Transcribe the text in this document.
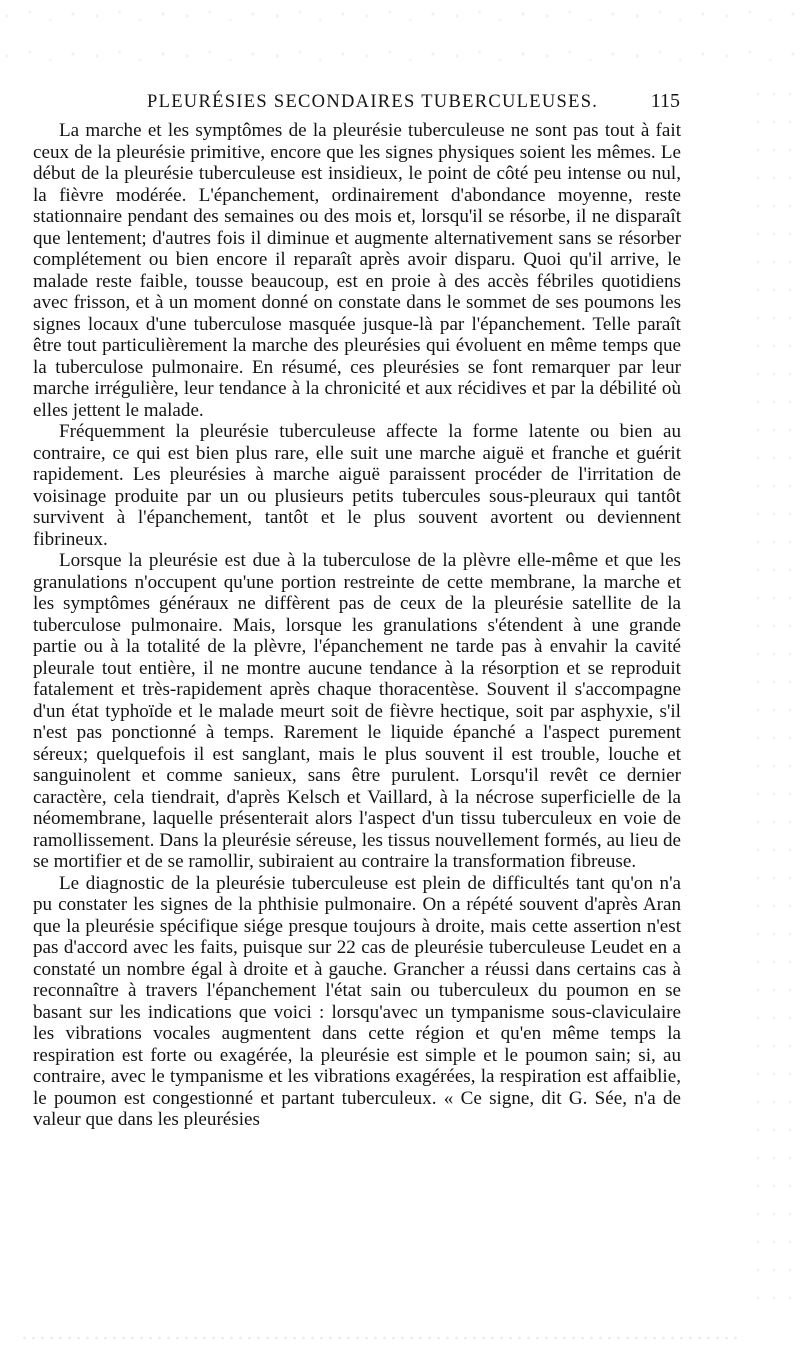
PLEURÉSIES SECONDAIRES TUBERCULEUSES.	115

La marche et les symptômes de la pleurésie tuberculeuse ne sont pas tout à fait ceux de la pleurésie primitive, encore que les signes physiques soient les mêmes. Le début de la pleurésie tuberculeuse est insidieux, le point de côté peu intense ou nul, la fièvre modérée. L'épanchement, ordinairement d'abondance moyenne, reste stationnaire pendant des semaines ou des mois et, lorsqu'il se résorbe, il ne disparaît que lentement; d'autres fois il diminue et augmente alternativement sans se résorber complétement ou bien encore il reparaît après avoir disparu. Quoi qu'il arrive, le malade reste faible, tousse beaucoup, est en proie à des accès fébriles quotidiens avec frisson, et à un moment donné on constate dans le sommet de ses poumons les signes locaux d'une tuberculose masquée jusque-là par l'épanchement. Telle paraît être tout particulièrement la marche des pleurésies qui évoluent en même temps que la tuberculose pulmonaire. En résumé, ces pleurésies se font remarquer par leur marche irrégulière, leur tendance à la chronicité et aux récidives et par la débilité où elles jettent le malade.

Fréquemment la pleurésie tuberculeuse affecte la forme latente ou bien au contraire, ce qui est bien plus rare, elle suit une marche aiguë et franche et guérit rapidement. Les pleurésies à marche aiguë paraissent procéder de l'irritation de voisinage produite par un ou plusieurs petits tubercules sous-pleuraux qui tantôt survivent à l'épanchement, tantôt et le plus souvent avortent ou deviennent fibrineux.

Lorsque la pleurésie est due à la tuberculose de la plèvre elle-même et que les granulations n'occupent qu'une portion restreinte de cette membrane, la marche et les symptômes généraux ne diffèrent pas de ceux de la pleurésie satellite de la tuberculose pulmonaire. Mais, lorsque les granulations s'étendent à une grande partie ou à la totalité de la plèvre, l'épanchement ne tarde pas à envahir la cavité pleurale tout entière, il ne montre aucune tendance à la résorption et se reproduit fatalement et très-rapidement après chaque thoracentèse. Souvent il s'accompagne d'un état typhoïde et le malade meurt soit de fièvre hectique, soit par asphyxie, s'il n'est pas ponctionné à temps. Rarement le liquide épanché a l'aspect purement séreux; quelquefois il est sanglant, mais le plus souvent il est trouble, louche et sanguinolent et comme sanieux, sans être purulent. Lorsqu'il revêt ce dernier caractère, cela tiendrait, d'après Kelsch et Vaillard, à la nécrose superficielle de la néomembrane, laquelle présenterait alors l'aspect d'un tissu tuberculeux en voie de ramollissement. Dans la pleurésie séreuse, les tissus nouvellement formés, au lieu de se mortifier et de se ramollir, subiraient au contraire la transformation fibreuse.

Le diagnostic de la pleurésie tuberculeuse est plein de difficultés tant qu'on n'a pu constater les signes de la phthisie pulmonaire. On a répété souvent d'après Aran que la pleurésie spécifique siége presque toujours à droite, mais cette assertion n'est pas d'accord avec les faits, puisque sur 22 cas de pleurésie tuberculeuse Leudet en a constaté un nombre égal à droite et à gauche. Grancher a réussi dans certains cas à reconnaître à travers l'épanchement l'état sain ou tuberculeux du poumon en se basant sur les indications que voici : lorsqu'avec un tympanisme sous-claviculaire les vibrations vocales augmentent dans cette région et qu'en même temps la respiration est forte ou exagérée, la pleurésie est simple et le poumon sain; si, au contraire, avec le tympanisme et les vibrations exagérées, la respiration est affaiblie, le poumon est congestionné et partant tuberculeux. « Ce signe, dit G. Sée, n'a de valeur que dans les pleurésies
